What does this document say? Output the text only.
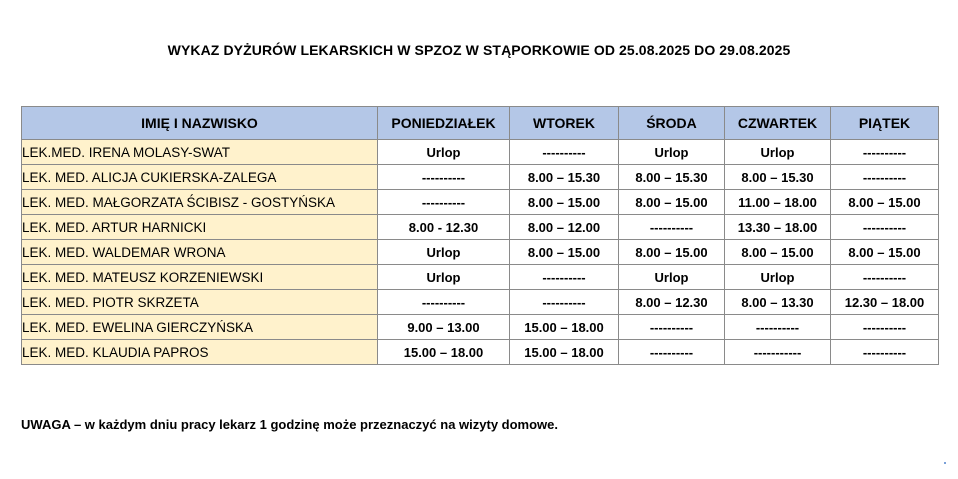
WYKAZ DYŻURÓW LEKARSKICH W SPZOZ W STĄPORKOWIE OD 25.08.2025 DO 29.08.2025
IMIĘ I NAZWISKO	PONIEDZIAŁEK	WTOREK	ŚRODA	CZWARTEK	PIĄTEK
LEK.MED. IRENA MOLASY-SWAT	Urlop	----------	Urlop	Urlop	----------
LEK. MED. ALICJA CUKIERSKA-ZALEGA	----------	8.00 – 15.30	8.00 – 15.30	8.00 – 15.30	----------
LEK. MED. MAŁGORZATA ŚCIBISZ - GOSTYŃSKA	----------	8.00 – 15.00	8.00 – 15.00	11.00 – 18.00	8.00 – 15.00
LEK. MED. ARTUR HARNICKI	8.00 - 12.30	8.00 – 12.00	----------	13.30 – 18.00	----------
LEK. MED. WALDEMAR WRONA	Urlop	8.00 – 15.00	8.00 – 15.00	8.00 – 15.00	8.00 – 15.00
LEK. MED. MATEUSZ KORZENIEWSKI	Urlop	----------	Urlop	Urlop	----------
LEK. MED. PIOTR SKRZETA	----------	----------	8.00 – 12.30	8.00 – 13.30	12.30 – 18.00
LEK. MED. EWELINA GIERCZYŃSKA	9.00 – 13.00	15.00 – 18.00	----------	----------	----------
LEK. MED. KLAUDIA PAPROS	15.00 – 18.00	15.00 – 18.00	----------	-----------	----------
UWAGA – w każdym dniu pracy lekarz 1 godzinę może przeznaczyć na wizyty domowe.
